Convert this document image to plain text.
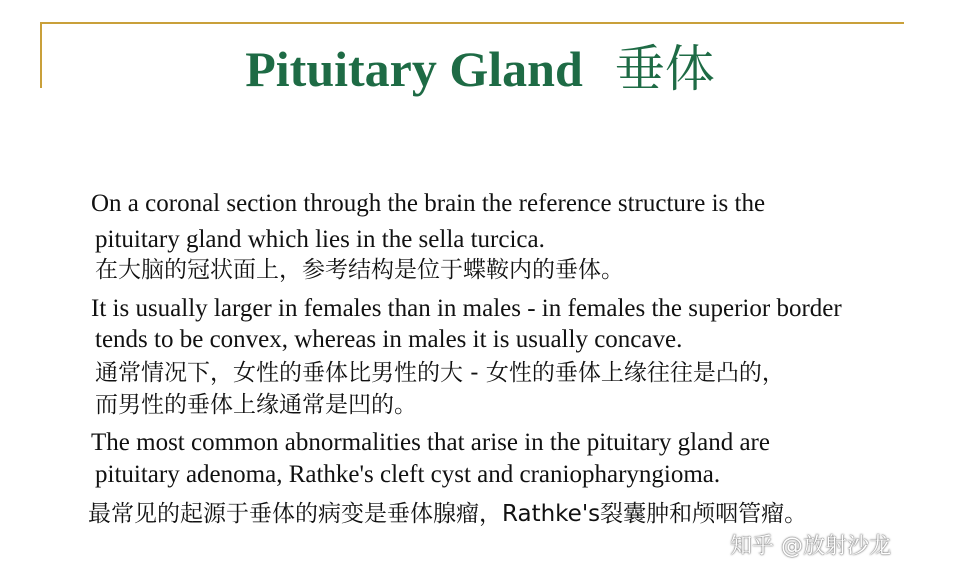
Pituitary Gland 垂体
On a coronal section through the brain the reference structure is the
pituitary gland which lies in the sella turcica.
在大脑的冠状面上，参考结构是位于蝶鞍内的垂体。
It is usually larger in females than in males - in females the superior border
tends to be convex, whereas in males it is usually concave.
通常情况下，女性的垂体比男性的大 - 女性的垂体上缘往往是凸的，
而男性的垂体上缘通常是凹的。
The most common abnormalities that arise in the pituitary gland are
pituitary adenoma, Rathke's cleft cyst and craniopharyngioma.
最常见的起源于垂体的病变是垂体腺瘤，Rathke's裂囊肿和颅咽管瘤。
知乎 @放射沙龙
